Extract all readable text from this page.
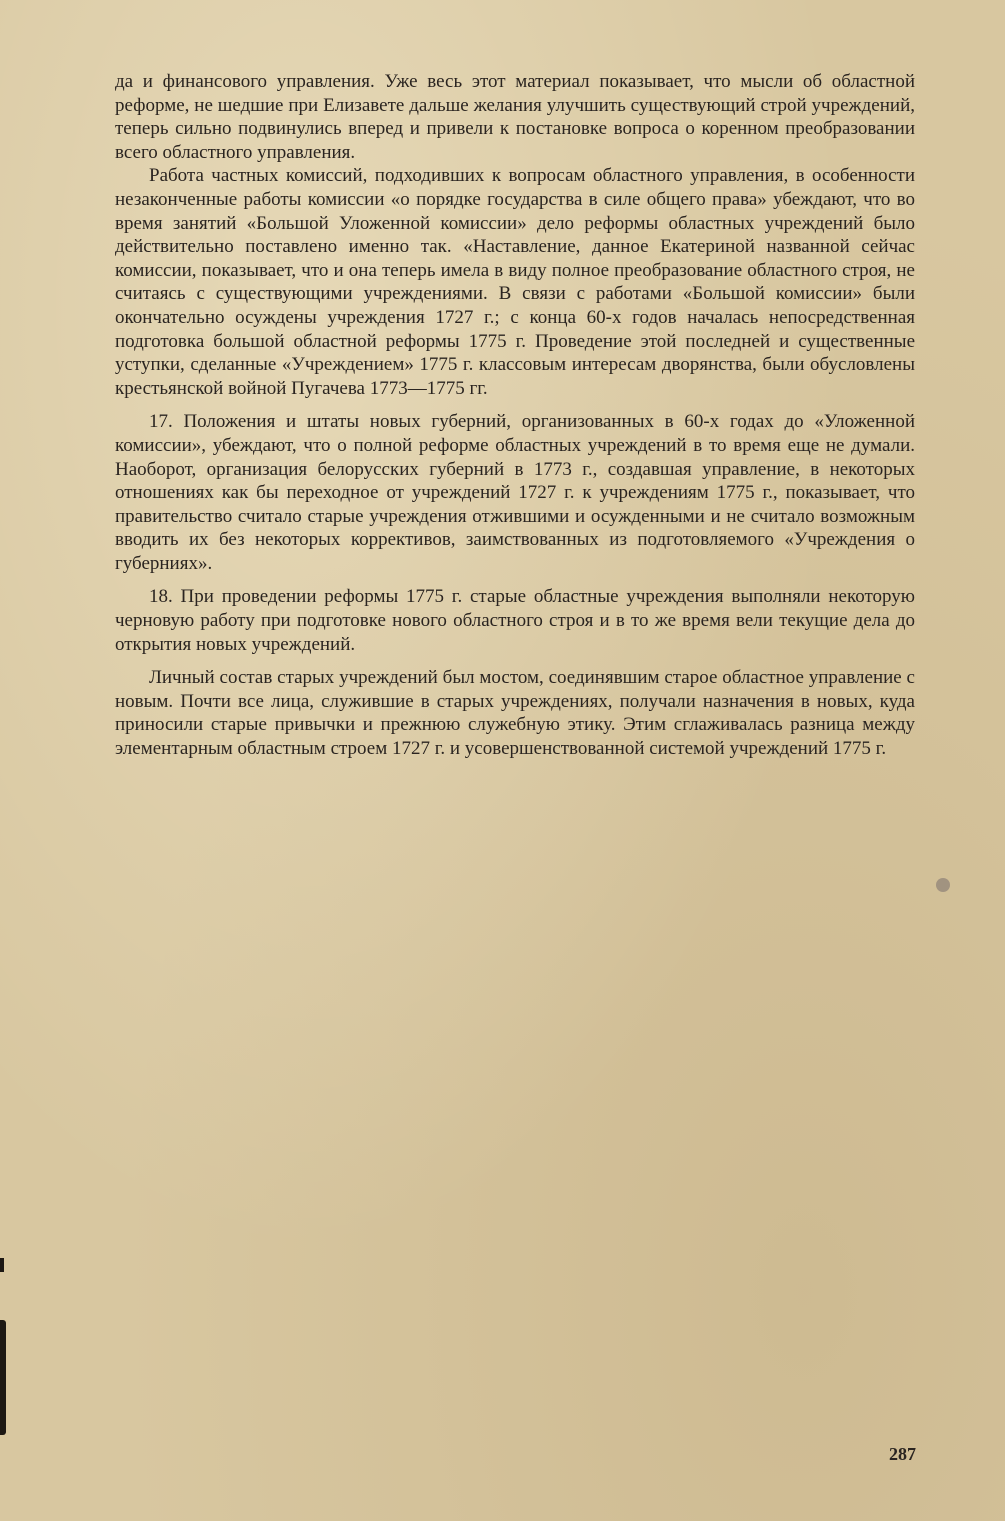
да и финансового управления. Уже весь этот материал показывает, что мысли об областной реформе, не шедшие при Елизавете дальше желания улучшить существующий строй учреждений, теперь сильно подвинулись вперед и привели к постановке вопроса о коренном преобразовании всего областного управления.

Работа частных комиссий, подходивших к вопросам областного управления, в особенности незаконченные работы комиссии «о порядке государства в силе общего права» убеждают, что во время занятий «Большой Уложенной комиссии» дело реформы областных учреждений было действительно поставлено именно так. «Наставление, данное Екатериной названной сейчас комиссии, показывает, что и она теперь имела в виду полное преобразование областного строя, не считаясь с существующими учреждениями. В связи с работами «Большой комиссии» были окончательно осуждены учреждения 1727 г.; с конца 60-х годов началась непосредственная подготовка большой областной реформы 1775 г. Проведение этой последней и существенные уступки, сделанные «Учреждением» 1775 г. классовым интересам дворянства, были обусловлены крестьянской войной Пугачева 1773—1775 гг.

17. Положения и штаты новых губерний, организованных в 60-х годах до «Уложенной комиссии», убеждают, что о полной реформе областных учреждений в то время еще не думали. Наоборот, организация белорусских губерний в 1773 г., создавшая управление, в некоторых отношениях как бы переходное от учреждений 1727 г. к учреждениям 1775 г., показывает, что правительство считало старые учреждения отжившими и осужденными и не считало возможным вводить их без некоторых коррективов, заимствованных из подготовляемого «Учреждения о губерниях».

18. При проведении реформы 1775 г. старые областные учреждения выполняли некоторую черновую работу при подготовке нового областного строя и в то же время вели текущие дела до открытия новых учреждений.

Личный состав старых учреждений был мостом, соединявшим старое областное управление с новым. Почти все лица, служившие в старых учреждениях, получали назначения в новых, куда приносили старые привычки и прежнюю служебную этику. Этим сглаживалась разница между элементарным областным строем 1727 г. и усовершенствованной системой учреждений 1775 г.

287
